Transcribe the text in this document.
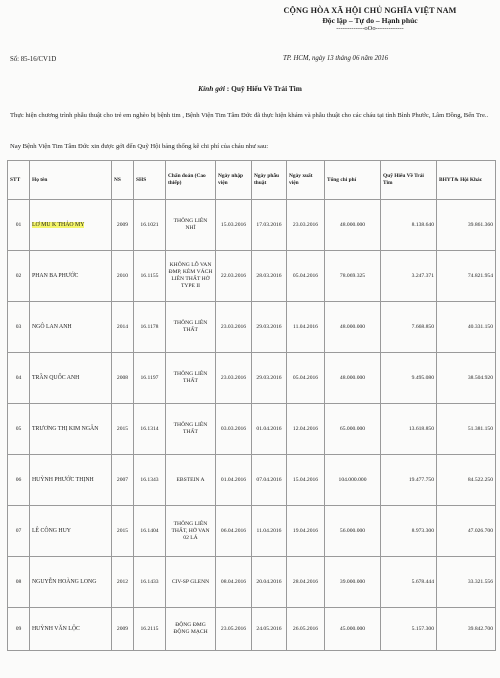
CỘNG HÒA XÃ HỘI CHỦ NGHĨA VIỆT NAM
Độc lập – Tự do – Hạnh phúc
-------------oOo-------------
Số: 85-16/CV1D	TP. HCM, ngày 13 tháng 06 năm 2016
Kính gởi : Quỹ Hiểu Về Trái Tim
Thực hiện chương trình phẫu thuật cho trẻ em nghèo bị bệnh tim , Bệnh Viện Tim Tâm Đức đã thực hiện khám và phẫu thuật cho các cháu tại tỉnh Bình Phước, Lâm Đồng, Bến Tre..
Nay Bệnh Viện Tim Tâm Đức xin được gởi đến Quỹ Hội bảng thống kê chi phí của cháu như sau:
STT	Họ tên	NS	SHS	Chẩn đoán (Cao thiếp)	Ngày nhập viện	Ngày phẫu thuật	Ngày xuất viện	Tổng chi phí	Quỹ Hiểu Về Trái Tim	BHYT& Hội Khác
01	LƠ MU K THẢO MY	2009	16.1021	THÔNG LIÊN NHĨ	15.03.2016	17.03.2016	23.03.2016	48.000.000	8.138.640	39.861.360
02	PHAN BA PHƯỚC	2010	16.1155	KHÔNG LỖ VAN ĐMP, KÈM VÁCH LIÊN THẤT HỞ TYPE II	22.03.2016	28.03.2016	05.04.2016	78.069.325	3.247.371	74.821.954
03	NGÔ LAN ANH	2014	16.1178	THÔNG LIÊN THẤT	23.03.2016	29.03.2016	11.04.2016	48.000.000	7.668.850	40.331.150
04	TRẦN QUỐC ANH	2008	16.1197	THÔNG LIÊN THẤT	23.03.2016	29.03.2016	05.04.2016	48.000.000	9.495.080	38.504.920
05	TRƯƠNG THỊ KIM NGÂN	2015	16.1314	THÔNG LIÊN THẤT	03.03.2016	01.04.2016	12.04.2016	65.000.000	13.618.850	51.381.150
06	HUỲNH PHƯỚC THỊNH	2007	16.1343	EBSTEIN A	01.04.2016	07.04.2016	15.04.2016	104.000.000	19.477.750	84.522.250
07	LÊ CÔNG HUY	2015	16.1404	THÔNG LIÊN THẤT, HỞ VAN 02 LÁ	06.04.2016	11.04.2016	19.04.2016	56.000.000	8.973.300	47.026.700
08	NGUYỄN HOÀNG LONG	2012	16.1433	CIV-SP GLENN	08.04.2016	20.04.2016	28.04.2016	39.000.000	5.678.444	33.321.556
09	HUỲNH VĂN LỘC	2009	16.2115	ĐỘNG ĐMG ĐỘNG MẠCH	23.05.2016	24.05.2016	26.05.2016	45.000.000	5.157.300	39.842.700
